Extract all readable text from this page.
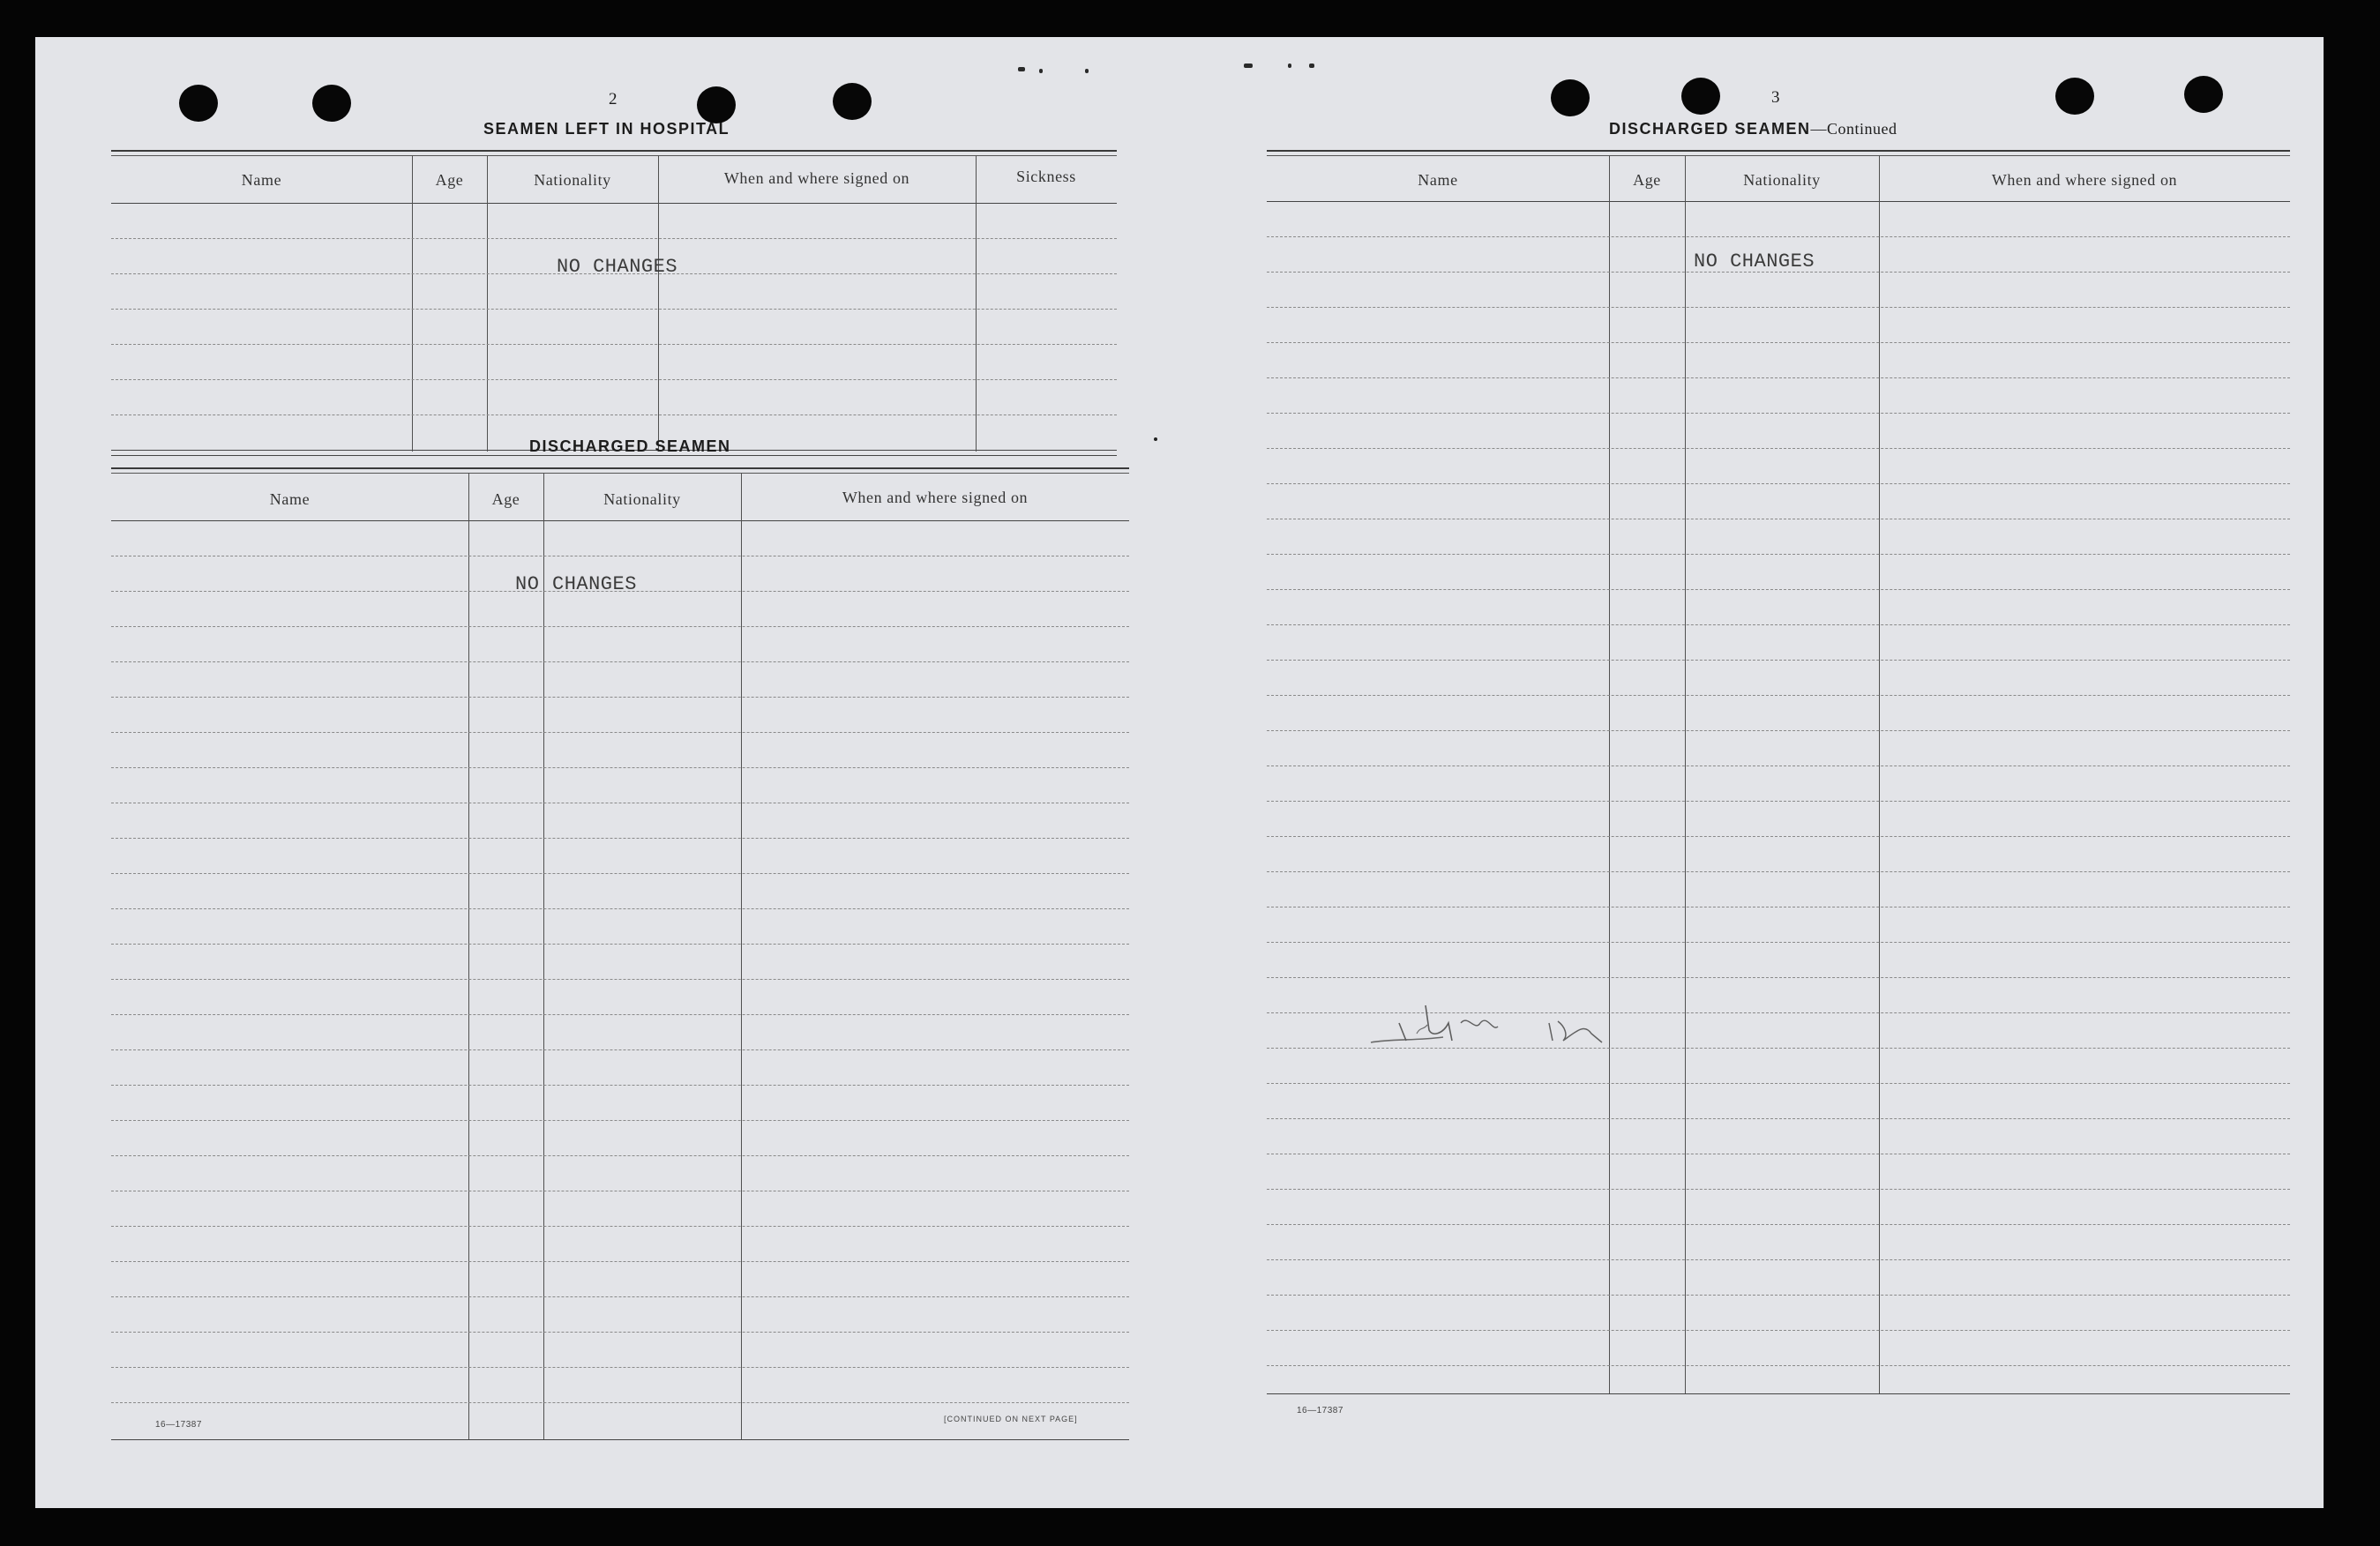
2
SEAMEN LEFT IN HOSPITAL
Name	Age	Nationality	When and where signed on	Sickness
NO CHANGES
DISCHARGED SEAMEN
Name	Age	Nationality	When and where signed on
NO CHANGES
16—17387
[CONTINUED ON NEXT PAGE]
3
DISCHARGED SEAMEN—Continued
Name	Age	Nationality	When and where signed on
NO CHANGES
16—17387
